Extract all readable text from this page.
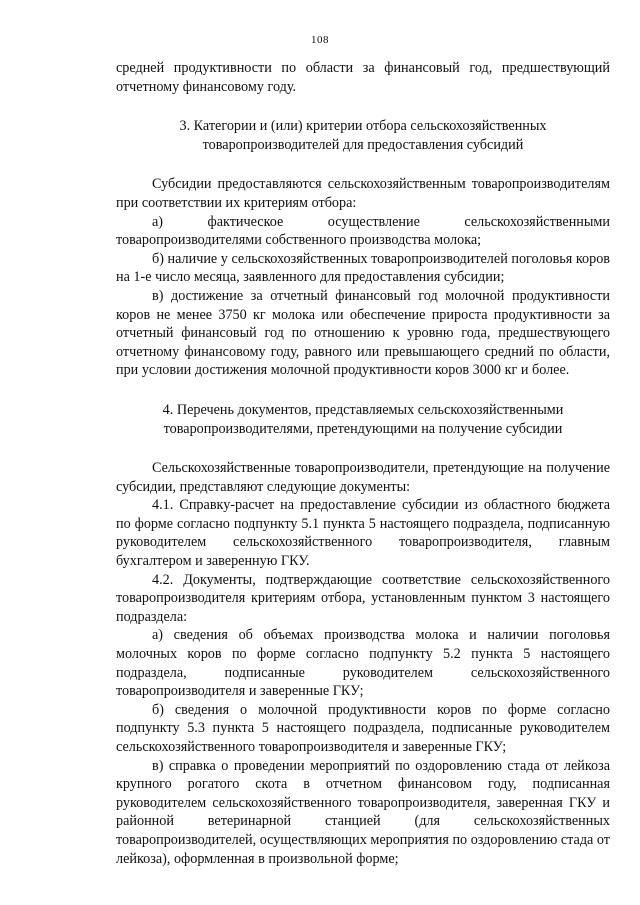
108

средней продуктивности по области за финансовый год, предшествующий отчетному финансовому году.

3. Категории и (или) критерии отбора сельскохозяйственных товаропроизводителей для предоставления субсидий

Субсидии предоставляются сельскохозяйственным товаропроизводителям при соответствии их критериям отбора:

а) фактическое осуществление сельскохозяйственными товаропроизводителями собственного производства молока;

б) наличие у сельскохозяйственных товаропроизводителей поголовья коров на 1-е число месяца, заявленного для предоставления субсидии;

в) достижение за отчетный финансовый год молочной продуктивности коров не менее 3750 кг молока или обеспечение прироста продуктивности за отчетный финансовый год по отношению к уровню года, предшествующего отчетному финансовому году, равного или превышающего средний по области, при условии достижения молочной продуктивности коров 3000 кг и более.

4. Перечень документов, представляемых сельскохозяйственными товаропроизводителями, претендующими на получение субсидии

Сельскохозяйственные товаропроизводители, претендующие на получение субсидии, представляют следующие документы:

4.1. Справку-расчет на предоставление субсидии из областного бюджета по форме согласно подпункту 5.1 пункта 5 настоящего подраздела, подписанную руководителем сельскохозяйственного товаропроизводителя, главным бухгалтером и заверенную ГКУ.

4.2. Документы, подтверждающие соответствие сельскохозяйственного товаропроизводителя критериям отбора, установленным пунктом 3 настоящего подраздела:

а) сведения об объемах производства молока и наличии поголовья молочных коров по форме согласно подпункту 5.2 пункта 5 настоящего подраздела, подписанные руководителем сельскохозяйственного товаропроизводителя и заверенные ГКУ;

б) сведения о молочной продуктивности коров по форме согласно подпункту 5.3 пункта 5 настоящего подраздела, подписанные руководителем сельскохозяйственного товаропроизводителя и заверенные ГКУ;

в) справка о проведении мероприятий по оздоровлению стада от лейкоза крупного рогатого скота в отчетном финансовом году, подписанная руководителем сельскохозяйственного товаропроизводителя, заверенная ГКУ и районной ветеринарной станцией (для сельскохозяйственных товаропроизводителей, осуществляющих мероприятия по оздоровлению стада от лейкоза), оформленная в произвольной форме;
